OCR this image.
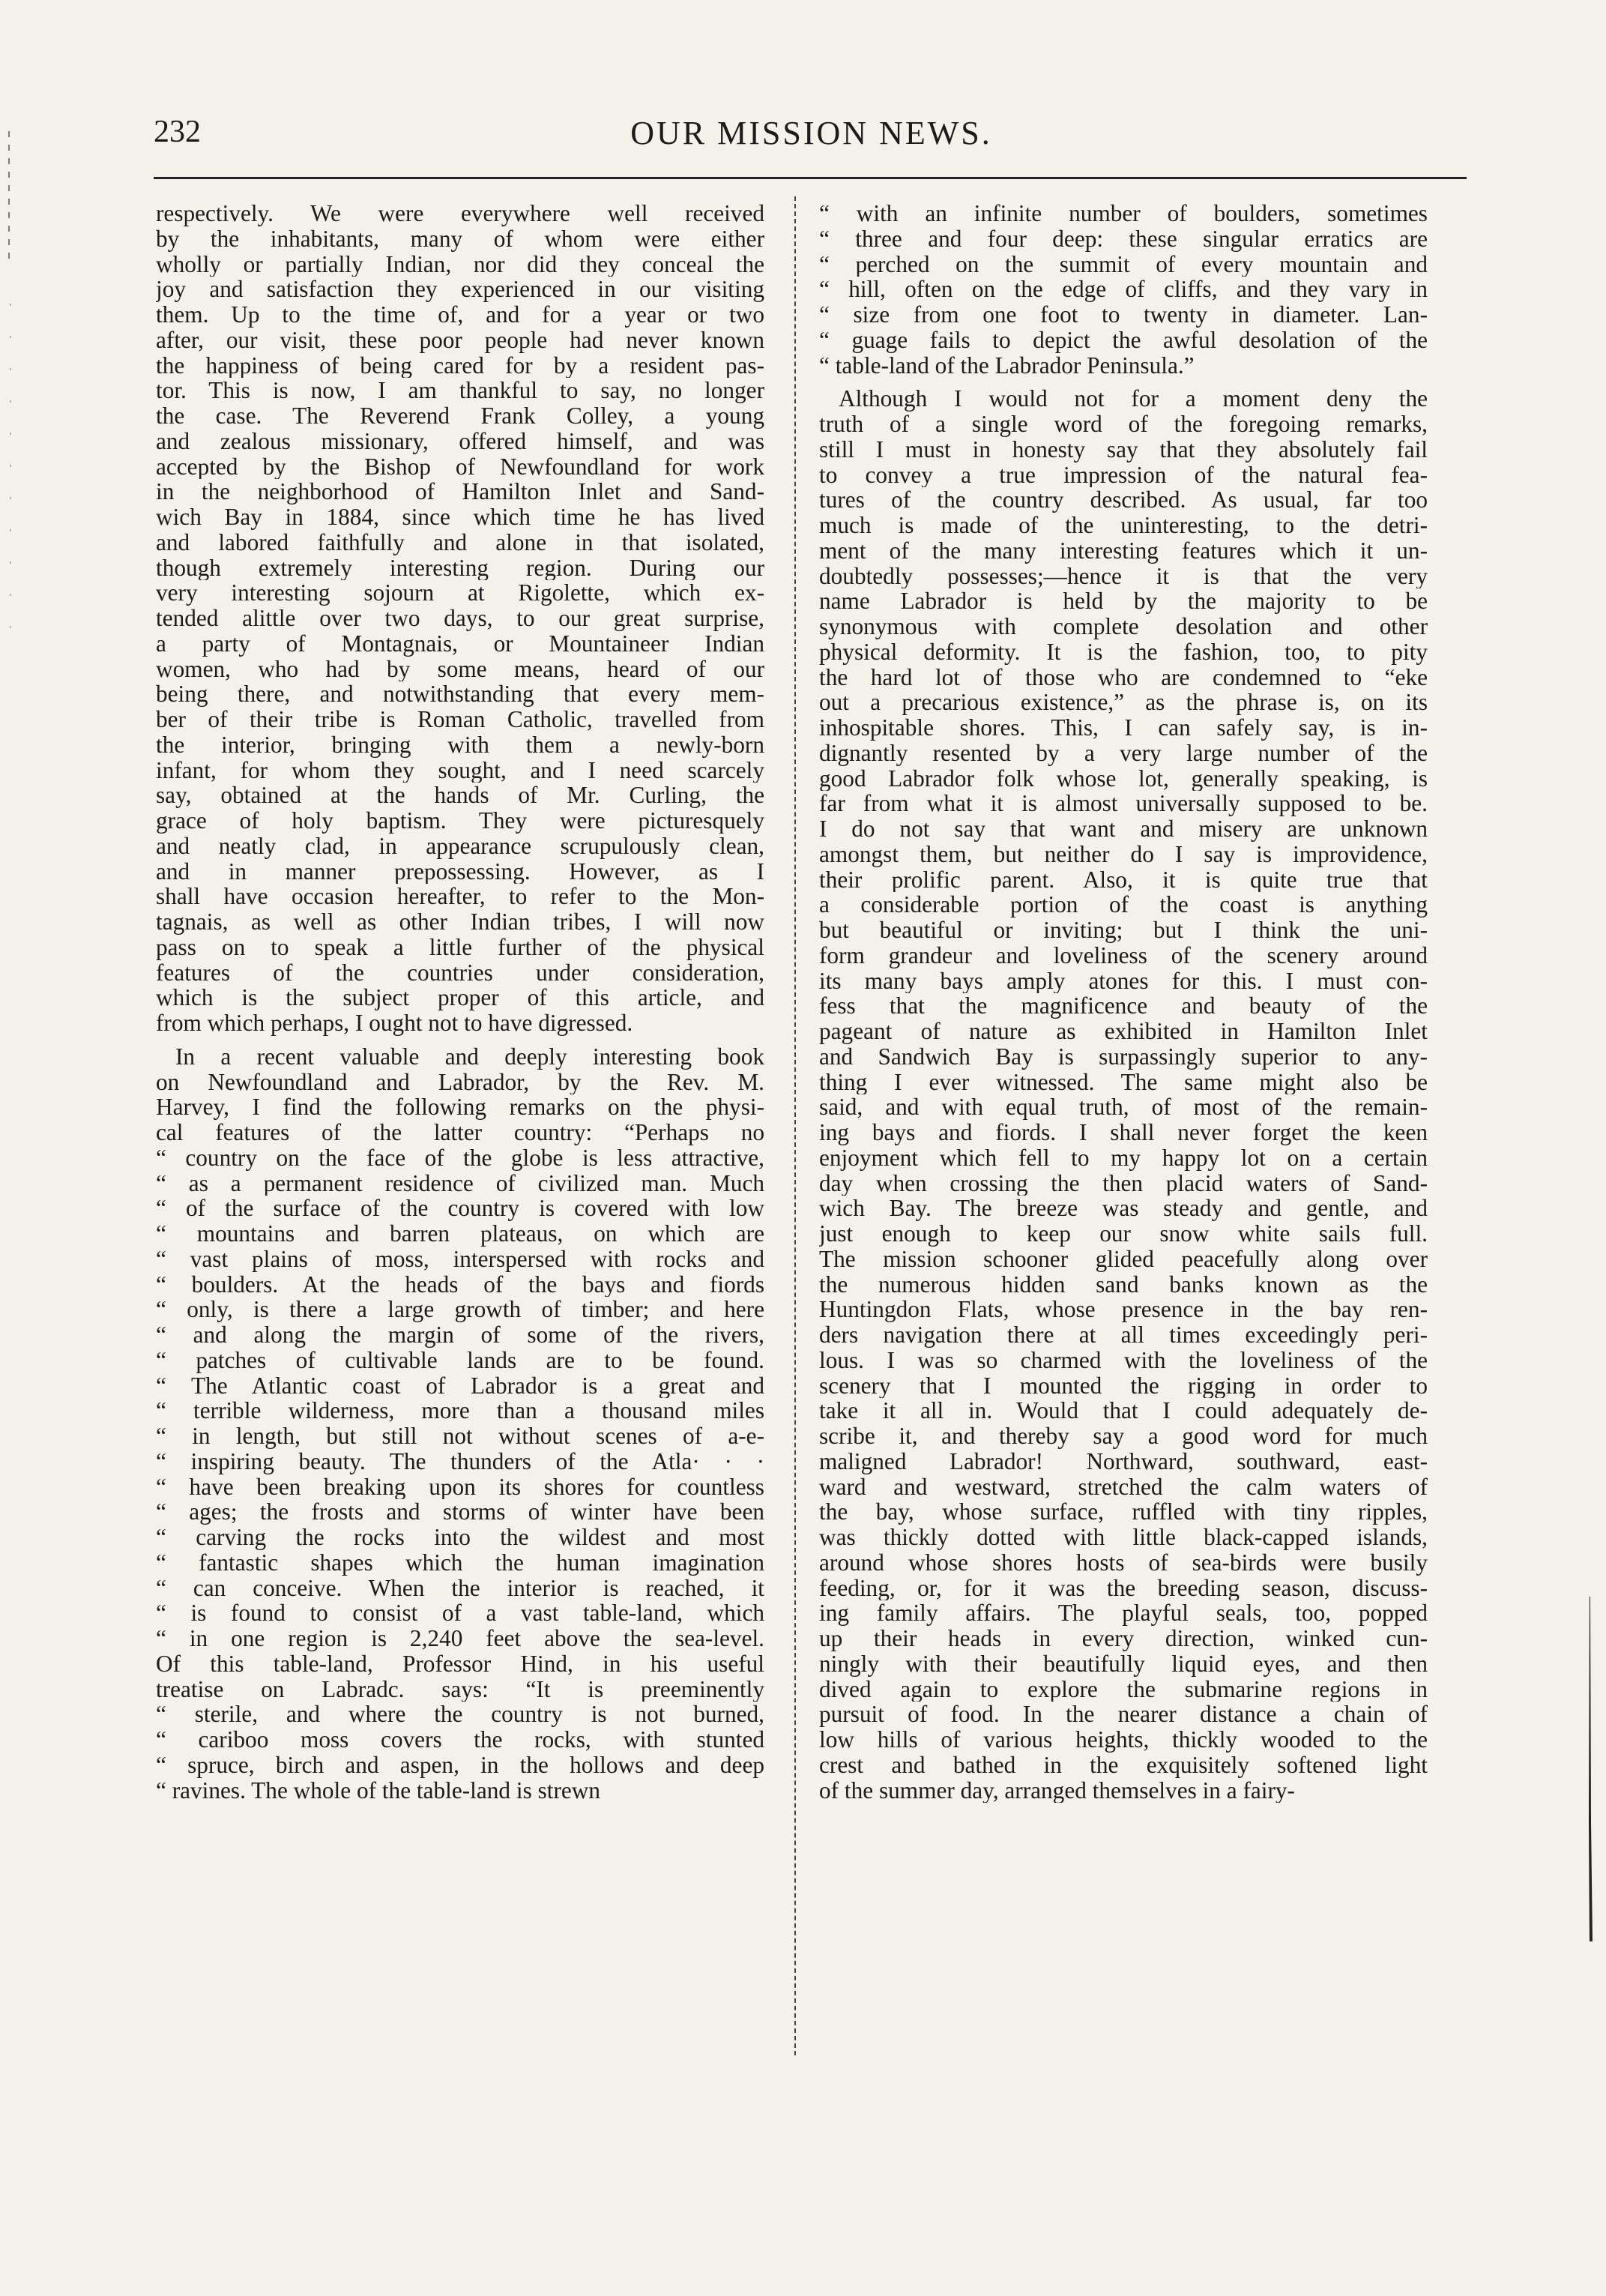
232	OUR MISSION NEWS.
respectively. We were everywhere well received
by the inhabitants, many of whom were either
wholly or partially Indian, nor did they conceal the
joy and satisfaction they experienced in our visiting
them. Up to the time of, and for a year or two
after, our visit, these poor people had never known
the happiness of being cared for by a resident pas-
tor. This is now, I am thankful to say, no longer
the case. The Reverend Frank Colley, a young
and zealous missionary, offered himself, and was
accepted by the Bishop of Newfoundland for work
in the neighborhood of Hamilton Inlet and Sand-
wich Bay in 1884, since which time he has lived
and labored faithfully and alone in that isolated,
though extremely interesting region. During our
very interesting sojourn at Rigolette, which ex-
tended alittle over two days, to our great surprise,
a party of Montagnais, or Mountaineer Indian
women, who had by some means, heard of our
being there, and notwithstanding that every mem-
ber of their tribe is Roman Catholic, travelled from
the interior, bringing with them a newly-born
infant, for whom they sought, and I need scarcely
say, obtained at the hands of Mr. Curling, the
grace of holy baptism. They were picturesquely
and neatly clad, in appearance scrupulously clean,
and in manner prepossessing. However, as I
shall have occasion hereafter, to refer to the Mon-
tagnais, as well as other Indian tribes, I will now
pass on to speak a little further of the physical
features of the countries under consideration,
which is the subject proper of this article, and
from which perhaps, I ought not to have digressed.
In a recent valuable and deeply interesting book
on Newfoundland and Labrador, by the Rev. M.
Harvey, I find the following remarks on the physi-
cal features of the latter country: “Perhaps no
“ country on the face of the globe is less attractive,
“ as a permanent residence of civilized man. Much
“ of the surface of the country is covered with low
“ mountains and barren plateaus, on which are
“ vast plains of moss, interspersed with rocks and
“ boulders. At the heads of the bays and fiords
“ only, is there a large growth of timber; and here
“ and along the margin of some of the rivers,
“ patches of cultivable lands are to be found.
“ The Atlantic coast of Labrador is a great and
“ terrible wilderness, more than a thousand miles
“ in length, but still not without scenes of a‐e-
“ inspiring beauty. The thunders of the Atla· · ·
“ have been breaking upon its shores for countless
“ ages; the frosts and storms of winter have been
“ carving the rocks into the wildest and most
“ fantastic shapes which the human imagination
“ can conceive. When the interior is reached, it
“ is found to consist of a vast table-land, which
“ in one region is 2,240 feet above the sea-level.
Of this table-land, Professor Hind, in his useful
treatise on Labradc. says: “It is preeminently
“ sterile, and where the country is not burned,
“ cariboo moss covers the rocks, with stunted
“ spruce, birch and aspen, in the hollows and deep
“ ravines. The whole of the table-land is strewn
“ with an infinite number of boulders, sometimes
“ three and four deep: these singular erratics are
“ perched on the summit of every mountain and
“ hill, often on the edge of cliffs, and they vary in
“ size from one foot to twenty in diameter. Lan-
“ guage fails to depict the awful desolation of the
“ table-land of the Labrador Peninsula.”
Although I would not for a moment deny the
truth of a single word of the foregoing remarks,
still I must in honesty say that they absolutely fail
to convey a true impression of the natural fea-
tures of the country described. As usual, far too
much is made of the uninteresting, to the detri-
ment of the many interesting features which it un-
doubtedly possesses;—hence it is that the very
name Labrador is held by the majority to be
synonymous with complete desolation and other
physical deformity. It is the fashion, too, to pity
the hard lot of those who are condemned to “eke
out a precarious existence,” as the phrase is, on its
inhospitable shores. This, I can safely say, is in-
dignantly resented by a very large number of the
good Labrador folk whose lot, generally speaking, is
far from what it is almost universally supposed to be.
I do not say that want and misery are unknown
amongst them, but neither do I say is improvidence,
their prolific parent. Also, it is quite true that
a considerable portion of the coast is anything
but beautiful or inviting; but I think the uni-
form grandeur and loveliness of the scenery around
its many bays amply atones for this. I must con-
fess that the magnificence and beauty of the
pageant of nature as exhibited in Hamilton Inlet
and Sandwich Bay is surpassingly superior to any-
thing I ever witnessed. The same might also be
said, and with equal truth, of most of the remain-
ing bays and fiords. I shall never forget the keen
enjoyment which fell to my happy lot on a certain
day when crossing the then placid waters of Sand-
wich Bay. The breeze was steady and gentle, and
just enough to keep our snow white sails full.
The mission schooner glided peacefully along over
the numerous hidden sand banks known as the
Huntingdon Flats, whose presence in the bay ren-
ders navigation there at all times exceedingly peri-
lous. I was so charmed with the loveliness of the
scenery that I mounted the rigging in order to
take it all in. Would that I could adequately de-
scribe it, and thereby say a good word for much
maligned Labrador! Northward, southward, east-
ward and westward, stretched the calm waters of
the bay, whose surface, ruffled with tiny ripples,
was thickly dotted with little black-capped islands,
around whose shores hosts of sea-birds were busily
feeding, or, for it was the breeding season, discuss-
ing family affairs. The playful seals, too, popped
up their heads in every direction, winked cun-
ningly with their beautifully liquid eyes, and then
dived again to explore the submarine regions in
pursuit of food. In the nearer distance a chain of
low hills of various heights, thickly wooded to the
crest and bathed in the exquisitely softened light
of the summer day, arranged themselves in a fairy-
